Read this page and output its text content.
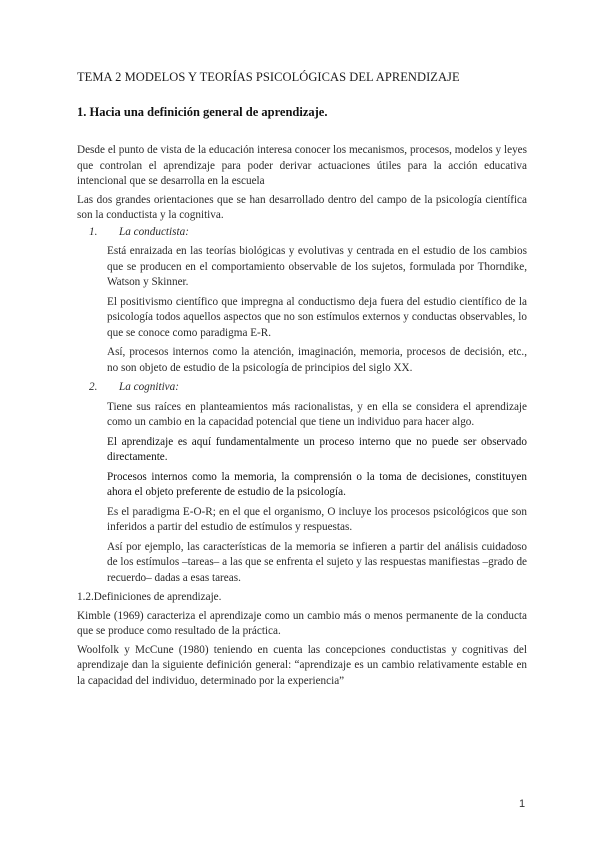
TEMA 2 MODELOS Y TEORÍAS PSICOLÓGICAS DEL APRENDIZAJE
1. Hacia una definición general de aprendizaje.

Desde el punto de vista de la educación interesa conocer los mecanismos, procesos, modelos y leyes que controlan el aprendizaje para poder derivar actuaciones útiles para la acción educativa intencional que se desarrolla en la escuela

Las dos grandes orientaciones que se han desarrollado dentro del campo de la psicología científica son la conductista y la cognitiva.

1.	La conductista:

Está enraizada en las teorías biológicas y evolutivas y centrada en el estudio de los cambios que se producen en el comportamiento observable de los sujetos, formulada por Thorndike, Watson y Skinner.

El positivismo científico que impregna al conductismo deja fuera del estudio científico de la psicología todos aquellos aspectos que no son estímulos externos y conductas observables, lo que se conoce como paradigma E-R.

Así, procesos internos como la atención, imaginación, memoria, procesos de decisión, etc., no son objeto de estudio de la psicología de principios del siglo XX.

2.	La cognitiva:

Tiene sus raíces en planteamientos más racionalistas, y en ella se considera el aprendizaje como un cambio en la capacidad potencial que tiene un individuo para hacer algo.

El aprendizaje es aquí fundamentalmente un proceso interno que no puede ser observado directamente.

Procesos internos como la memoria, la comprensión o la toma de decisiones, constituyen ahora el objeto preferente de estudio de la psicología.

Es el paradigma E-O-R; en el que el organismo, O incluye los procesos psicológicos que son inferidos a partir del estudio de estímulos y respuestas.

Así por ejemplo, las características de la memoria se infieren a partir del análisis cuidadoso de los estímulos –tareas– a las que se enfrenta el sujeto y las respuestas manifiestas –grado de recuerdo– dadas a esas tareas.

1.2.Definiciones de aprendizaje.

Kimble (1969) caracteriza el aprendizaje como un cambio más o menos permanente de la conducta que se produce como resultado de la práctica.

Woolfolk y McCune (1980) teniendo en cuenta las concepciones conductistas y cognitivas del aprendizaje dan la siguiente definición general: “aprendizaje es un cambio relativamente estable en la capacidad del individuo, determinado por la experiencia”

1
